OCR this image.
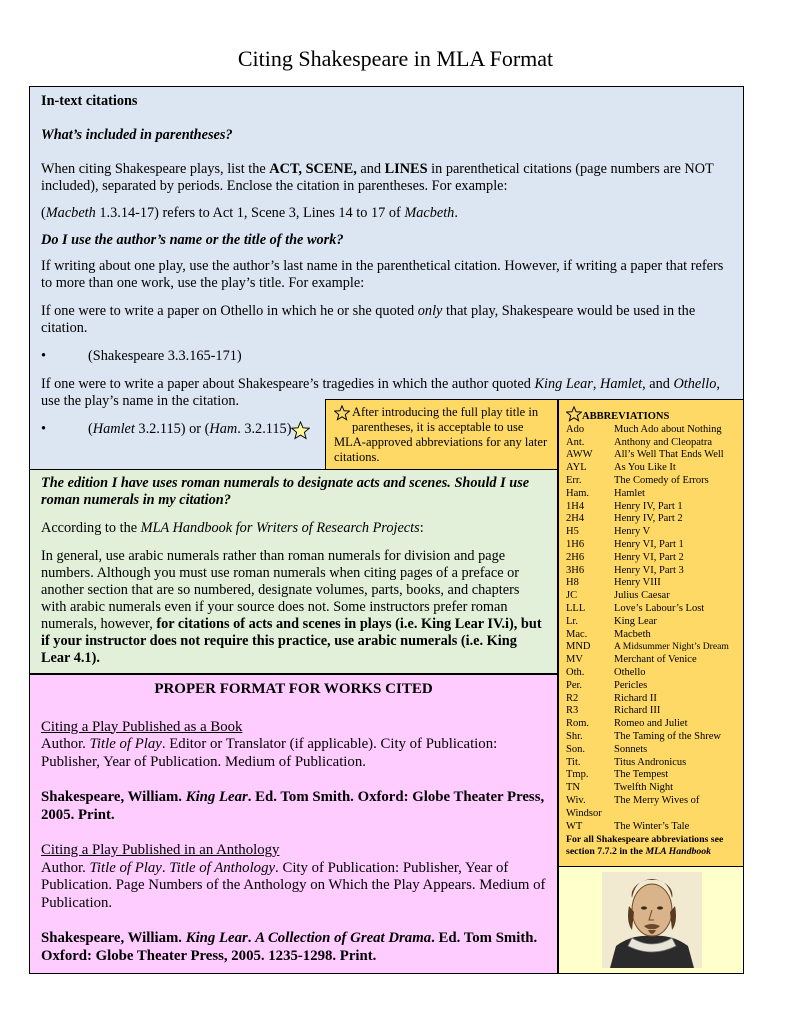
Citing Shakespeare in MLA Format

In-text citations

What’s included in parentheses?

When citing Shakespeare plays, list the ACT, SCENE, and LINES in parenthetical citations (page numbers are NOT included), separated by periods. Enclose the citation in parentheses. For example:

(Macbeth 1.3.14-17) refers to Act 1, Scene 3, Lines 14 to 17 of Macbeth.

Do I use the author’s name or the title of the work?

If writing about one play, use the author’s last name in the parenthetical citation. However, if writing a paper that refers to more than one work, use the play’s title. For example:

If one were to write a paper on Othello in which he or she quoted only that play, Shakespeare would be used in the citation.

•	(Shakespeare 3.3.165-171)

If one were to write a paper about Shakespeare’s tragedies in which the author quoted King Lear, Hamlet, and Othello, use the play’s name in the citation.

•	(Hamlet 3.2.115) or (Ham. 3.2.115)

After introducing the full play title in parentheses, it is acceptable to use MLA-approved abbreviations for any later citations.
ABBREVIATIONS
Ado	Much Ado about Nothing
Ant.	Anthony and Cleopatra
AWW	All’s Well That Ends Well
AYL	As You Like It
Err.	The Comedy of Errors
Ham.	Hamlet
1H4	Henry IV, Part 1
2H4	Henry IV, Part 2
H5	Henry V
1H6	Henry VI, Part 1
2H6	Henry VI, Part 2
3H6	Henry VI, Part 3
H8	Henry VIII
JC	Julius Caesar
LLL	Love’s Labour’s Lost
Lr.	King Lear
Mac.	Macbeth
MND	A Midsummer Night’s Dream
MV	Merchant of Venice
Oth.	Othello
Per.	Pericles
R2	Richard II
R3	Richard III
Rom.	Romeo and Juliet
Shr.	The Taming of the Shrew
Son.	Sonnets
Tit.	Titus Andronicus
Tmp.	The Tempest
TN	Twelfth Night
Wiv.	The Merry Wives of
Windsor
WT	The Winter’s Tale
For all Shakespeare abbreviations see section 7.7.2 in the MLA Handbook

The edition I have uses roman numerals to designate acts and scenes. Should I use roman numerals in my citation?

According to the MLA Handbook for Writers of Research Projects:

In general, use arabic numerals rather than roman numerals for division and page numbers. Although you must use roman numerals when citing pages of a preface or another section that are so numbered, designate volumes, parts, books, and chapters with arabic numerals even if your source does not. Some instructors prefer roman numerals, however, for citations of acts and scenes in plays (i.e. King Lear IV.i), but if your instructor does not require this practice, use arabic numerals (i.e. King Lear 4.1).

PROPER FORMAT FOR WORKS CITED

Citing a Play Published as a Book

Author. Title of Play. Editor or Translator (if applicable). City of Publication: Publisher, Year of Publication. Medium of Publication.

Shakespeare, William. King Lear. Ed. Tom Smith. Oxford: Globe Theater Press, 2005. Print.

Citing a Play Published in an Anthology

Author. Title of Play. Title of Anthology. City of Publication: Publisher, Year of Publication. Page Numbers of the Anthology on Which the Play Appears. Medium of Publication.

Shakespeare, William. King Lear. A Collection of Great Drama. Ed. Tom Smith. Oxford: Globe Theater Press, 2005. 1235-1298. Print.
